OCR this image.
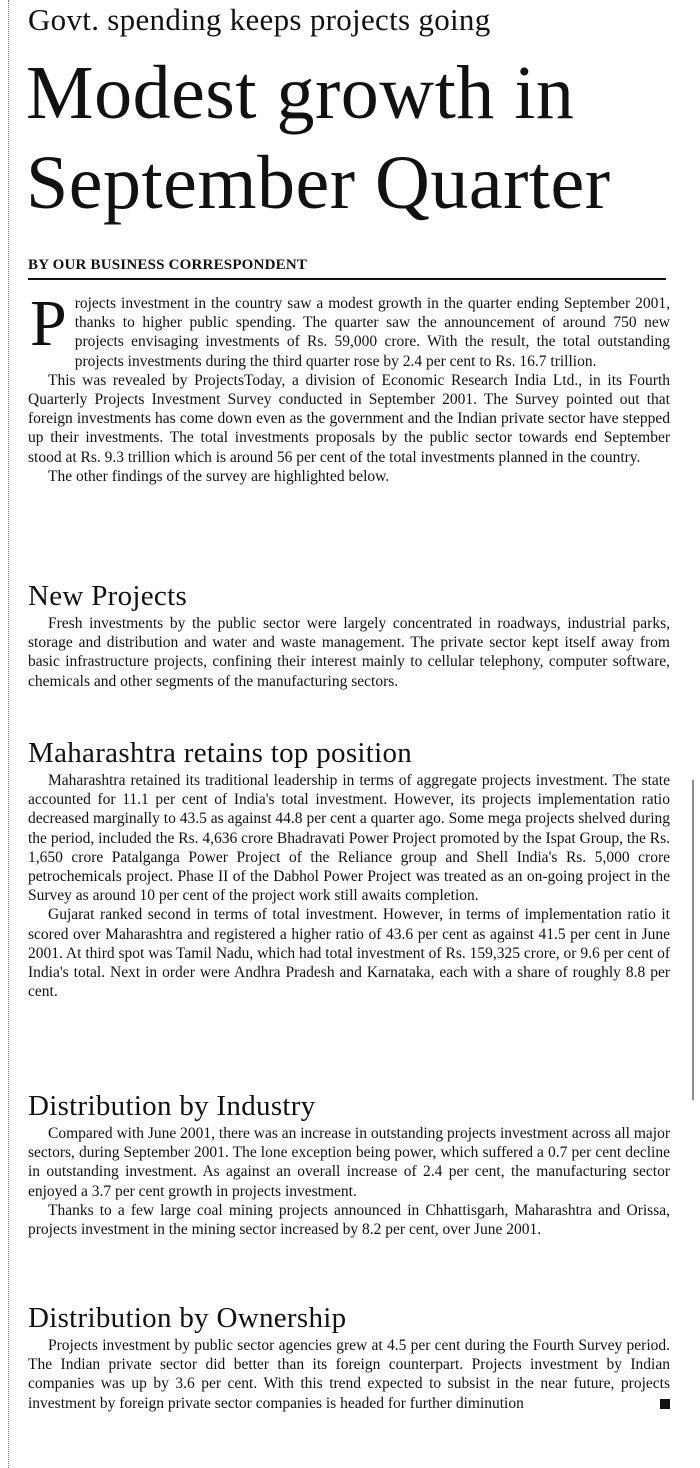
Govt. spending keeps projects going
Modest growth in September Quarter
BY OUR BUSINESS CORRESPONDENT

Projects investment in the country saw a modest growth in the quarter ending September 2001, thanks to higher public spending. The quarter saw the announcement of around 750 new projects envisaging investments of Rs. 59,000 crore. With the result, the total outstanding projects investments during the third quarter rose by 2.4 per cent to Rs. 16.7 trillion.

This was revealed by ProjectsToday, a division of Economic Research India Ltd., in its Fourth Quarterly Projects Investment Survey conducted in September 2001. The Survey pointed out that foreign investments has come down even as the government and the Indian private sector have stepped up their investments. The total investments proposals by the public sector towards end September stood at Rs. 9.3 trillion which is around 56 per cent of the total investments planned in the country.

The other findings of the survey are highlighted below.

New Projects

Fresh investments by the public sector were largely concentrated in roadways, industrial parks, storage and distribution and water and waste management. The private sector kept itself away from basic infrastructure projects, confining their interest mainly to cellular telephony, computer software, chemicals and other segments of the manufacturing sectors.

Maharashtra retains top position

Maharashtra retained its traditional leadership in terms of aggregate projects investment. The state accounted for 11.1 per cent of India's total investment. However, its projects implementation ratio decreased marginally to 43.5 as against 44.8 per cent a quarter ago. Some mega projects shelved during the period, included the Rs. 4,636 crore Bhadravati Power Project promoted by the Ispat Group, the Rs. 1,650 crore Patalganga Power Project of the Reliance group and Shell India's Rs. 5,000 crore petrochemicals project. Phase II of the Dabhol Power Project was treated as an on-going project in the Survey as around 10 per cent of the project work still awaits completion.

Gujarat ranked second in terms of total investment. However, in terms of implementation ratio it scored over Maharashtra and registered a higher ratio of 43.6 per cent as against 41.5 per cent in June 2001. At third spot was Tamil Nadu, which had total investment of Rs. 159,325 crore, or 9.6 per cent of India's total. Next in order were Andhra Pradesh and Karnataka, each with a share of roughly 8.8 per cent.

Distribution by Industry

Compared with June 2001, there was an increase in outstanding projects investment across all major sectors, during September 2001. The lone exception being power, which suffered a 0.7 per cent decline in outstanding investment. As against an overall increase of 2.4 per cent, the manufacturing sector enjoyed a 3.7 per cent growth in projects investment.

Thanks to a few large coal mining projects announced in Chhattisgarh, Maharashtra and Orissa, projects investment in the mining sector increased by 8.2 per cent, over June 2001.

Distribution by Ownership

Projects investment by public sector agencies grew at 4.5 per cent during the Fourth Survey period. The Indian private sector did better than its foreign counterpart. Projects investment by Indian companies was up by 3.6 per cent. With this trend expected to subsist in the near future, projects investment by foreign private sector companies is headed for further diminution
